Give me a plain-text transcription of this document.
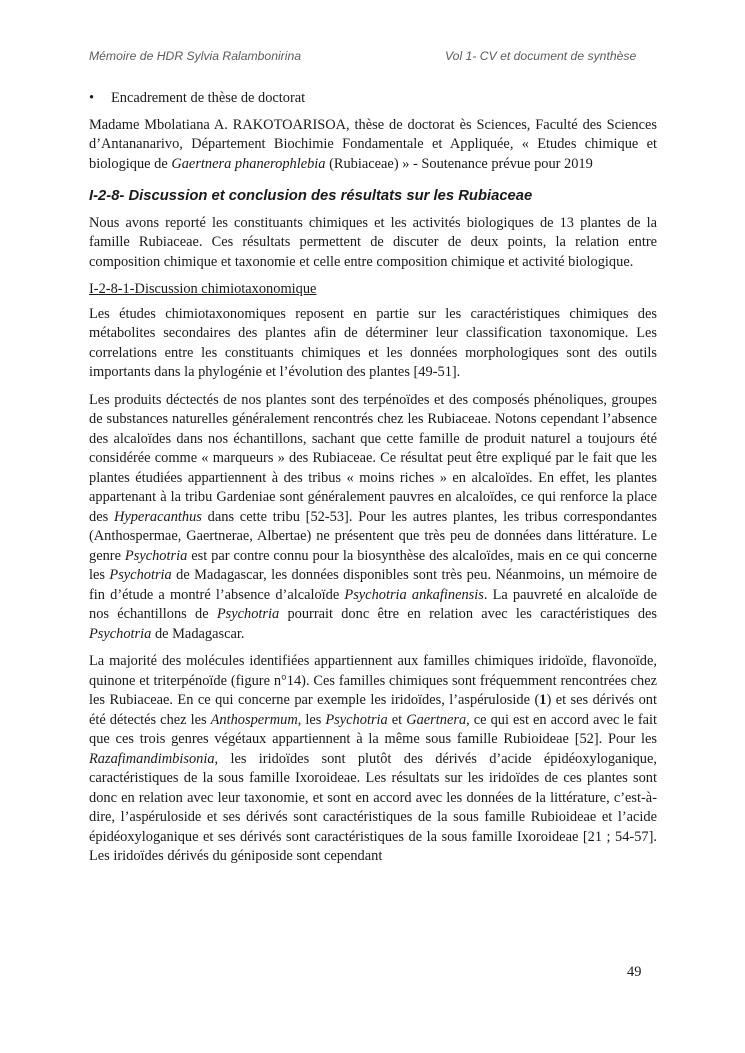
Mémoire de HDR Sylvia Ralambonirina	Vol 1- CV et document de synthèse
• Encadrement de thèse de doctorat

Madame Mbolatiana A. RAKOTOARISOA, thèse de doctorat ès Sciences, Faculté des Sciences d’Antananarivo, Département Biochimie Fondamentale et Appliquée, « Etudes chimique et biologique de Gaertnera phanerophlebia (Rubiaceae) » - Soutenance prévue pour 2019

I-2-8- Discussion et conclusion des résultats sur les Rubiaceae

Nous avons reporté les constituants chimiques et les activités biologiques de 13 plantes de la famille Rubiaceae. Ces résultats permettent de discuter de deux points, la relation entre composition chimique et taxonomie et celle entre composition chimique et activité biologique.

I-2-8-1-Discussion chimiotaxonomique

Les études chimiotaxonomiques reposent en partie sur les caractéristiques chimiques des métabolites secondaires des plantes afin de déterminer leur classification taxonomique. Les correlations entre les constituants chimiques et les données morphologiques sont des outils importants dans la phylogénie et l’évolution des plantes [49-51].

Les produits déctectés de nos plantes sont des terpénoïdes et des composés phénoliques, groupes de substances naturelles généralement rencontrés chez les Rubiaceae. Notons cependant l’absence des alcaloïdes dans nos échantillons, sachant que cette famille de produit naturel a toujours été considérée comme « marqueurs » des Rubiaceae. Ce résultat peut être expliqué par le fait que les plantes étudiées appartiennent à des tribus « moins riches » en alcaloïdes. En effet, les plantes appartenant à la tribu Gardeniae sont généralement pauvres en alcaloïdes, ce qui renforce la place des Hyperacanthus dans cette tribu [52-53]. Pour les autres plantes, les tribus correspondantes (Anthospermae, Gaertnerae, Albertae) ne présentent que très peu de données dans littérature. Le genre Psychotria est par contre connu pour la biosynthèse des alcaloïdes, mais en ce qui concerne les Psychotria de Madagascar, les données disponibles sont très peu. Néanmoins, un mémoire de fin d’étude a montré l’absence d’alcaloïde Psychotria ankafinensis. La pauvreté en alcaloïde de nos échantillons de Psychotria pourrait donc être en relation avec les caractéristiques des Psychotria de Madagascar.

La majorité des molécules identifiées appartiennent aux familles chimiques iridoïde, flavonoïde, quinone et triterpénoïde (figure n°14). Ces familles chimiques sont fréquemment rencontrées chez les Rubiaceae. En ce qui concerne par exemple les iridoïdes, l’aspéruloside (1) et ses dérivés ont été détectés chez les Anthospermum, les Psychotria et Gaertnera, ce qui est en accord avec le fait que ces trois genres végétaux appartiennent à la même sous famille Rubioideae [52]. Pour les Razafimandimbisonia, les iridoïdes sont plutôt des dérivés d’acide épidéoxyloganique, caractéristiques de la sous famille Ixoroideae. Les résultats sur les iridoïdes de ces plantes sont donc en relation avec leur taxonomie, et sont en accord avec les données de la littérature, c’est-à-dire, l’aspéruloside et ses dérivés sont caractéristiques de la sous famille Rubioideae et l’acide épidéoxyloganique et ses dérivés sont caractéristiques de la sous famille Ixoroideae [21 ; 54-57]. Les iridoïdes dérivés du géniposide sont cependant

49
